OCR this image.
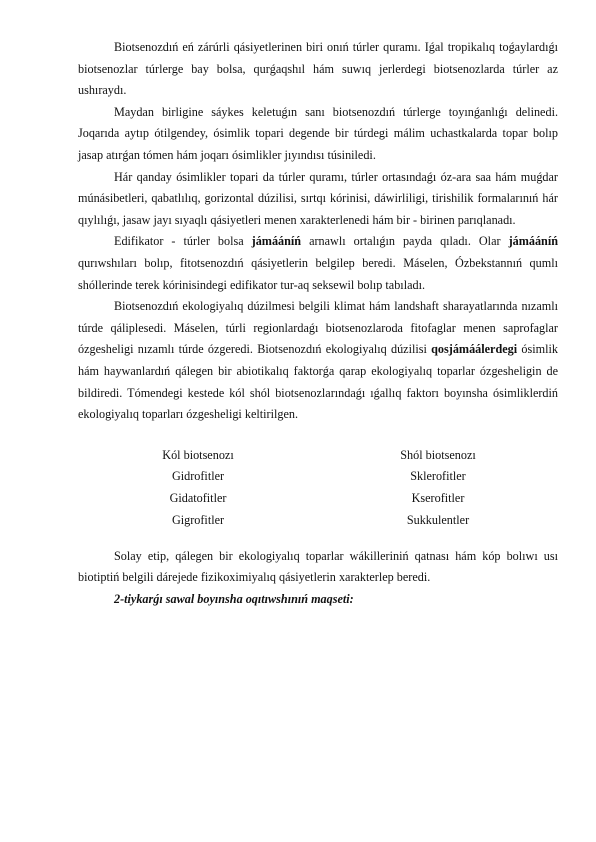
Biotsenozdıń eń zárúrli qásiyetlerinen biri onıń túrler quramı. Iǵal tropikalıq toǵaylardıǵı biotsenozlar túrlerge bay bolsa, qurǵaqshıl hám suwıq jerlerdegi biotsenozlarda túrler az ushıraydı.

Maydan birligine sáykes keletuǵın sanı biotsenozdıń túrlerge toyınǵanlıǵı delinedi. Joqarıda aytıp ótilgendey, ósimlik topari degende bir túrdegi málim uchastkalarda topar bolıp jasap atırǵan tómen hám joqarı ósimlikler jıyındısı túsiniledi.

Hár qanday ósimlikler topari da túrler quramı, túrler ortasındaǵı óz-ara saa hám muǵdar múnásibetleri, qabatlılıq, gorizontal dúzilisi, sırtqı kórinisi, dáwirliligi, tirishilik formalarınıń hár qıylılıǵı, jasaw jayı sıyaqlı qásiyetleri menen xarakterlenedi hám bir - birinen parıqlanadı.

Edifikator - túrler bolsa jámááníń arnawlı ortalıǵın payda qıladı. Olar jámááníń qurıwshıları bolıp, fitotsenozdıń qásiyetlerin belgilep beredi. Máselen, Ózbekstannıń qumlı shóllerinde terek kórinisindegi edifikator tur-aq seksewil bolıp tabıladı.

Biotsenozdıń ekologiyalıq dúzilmesi belgili klimat hám landshaft sharayatlarında nızamlı túrde qáliplesedi. Máselen, túrli regionlardaǵı biotsenozlaroda fitofaglar menen saprofaglar ózgesheligi nızamlı túrde ózgeredi. Biotsenozdıń ekologiyalıq dúzilisi qosjámáálerdegi ósimlik hám haywanlardıń qálegen bir abiotikalıq faktorǵa qarap ekologiyalıq toparlar ózgesheligin de bildiredi. Tómendegi kestede kól shól biotsenozlarındaǵı ıǵallıq faktorı boyınsha ósimliklerdiń ekologiyalıq toparları ózgesheligi keltirilgen.

Kól biotsenozı
Gidrofitler
Gidatofitler
Gigrofitler
Shól biotsenozı
Sklerofitler
Kserofitler
Sukkulentler

Solay etip, qálegen bir ekologiyalıq toparlar wákilleriniń qatnası hám kóp bolıwı usı biotiptiń belgili dárejede fizikoximiyalıq qásiyetlerin xarakterlep beredi.

2-tiykarǵı sawal boyınsha oqıtıwshınıń maqseti:
